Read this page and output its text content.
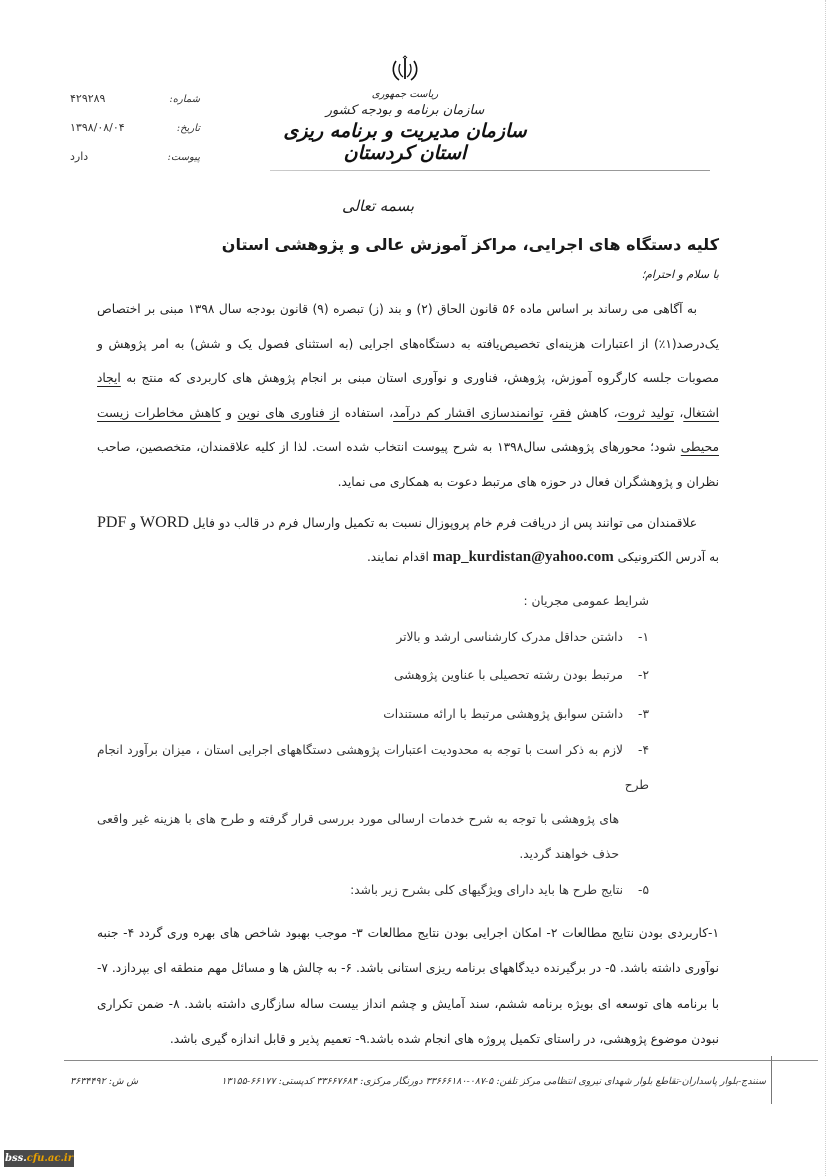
شماره:
۴۲۹۲۸۹
تاریخ:
۱۳۹۸/۰۸/۰۴
پیوست:
دارد
ریاست جمهوری
سازمان برنامه و بودجه کشور
سازمان مدیریت و برنامه ریزی استان کردستان

بسمه تعالی

کلیه دستگاه های اجرایی، مراکز آموزش عالی و پژوهشی استان

با سلام و احترام؛

به آگاهی می رساند بر اساس ماده ۵۶ قانون الحاق (۲) و بند (ز) تبصره (۹) قانون بودجه سال ۱۳۹۸ مبنی بر اختصاص یک‌درصد(۱٪) از اعتبارات هزینه‌ای تخصیص‌یافته به دستگاه‌های اجرایی (به استثنای فصول یک و شش) به امر پژوهش و مصوبات جلسه کارگروه آموزش، پژوهش، فناوری و نوآوری استان مبنی بر انجام پژوهش های کاربردی که منتج به ایجاد اشتغال، تولید ثروت، کاهش فقر، توانمندسازی اقشار کم درآمد، استفاده از فناوری های نوین و کاهش مخاطرات زیست محیطی شود؛ محورهای پژوهشی سال۱۳۹۸ به شرح پیوست انتخاب شده است. لذا از کلیه علاقمندان، متخصصین، صاحب نظران و پژوهشگران فعال در حوزه های مرتبط دعوت به همکاری می نماید.

علاقمندان می توانند پس از دریافت فرم خام پروپوزال نسبت به تکمیل وارسال فرم در قالب دو فایل WORD و PDF به آدرس الکترونیکی map_kurdistan@yahoo.com اقدام نمایند.

شرایط عمومی مجریان :

۱-داشتن حداقل مدرک کارشناسی ارشد و بالاتر
۲-مرتبط بودن رشته تحصیلی با عناوین پژوهشی
۳-داشتن سوابق پژوهشی مرتبط با ارائه مستندات
۴-لازم به ذکر است با توجه به محدودیت اعتبارات پژوهشی دستگاههای اجرایی استان ، میزان برآورد انجام طرح
های پژوهشی با توجه به شرح خدمات ارسالی مورد بررسی قرار گرفته و طرح های با هزینه غیر واقعی حذف خواهند گردید.
۵-نتایج طرح ها باید دارای ویژگیهای کلی بشرح زیر باشد:

۱-کاربردی بودن نتایج مطالعات ۲- امکان اجرایی بودن نتایج مطالعات ۳- موجب بهبود شاخص های بهره وری گردد ۴- جنبه نوآوری داشته باشد. ۵- در برگیرنده دیدگاههای برنامه ریزی استانی باشد. ۶- به چالش ها و مسائل مهم منطقه ای بپردازد. ۷- با برنامه های توسعه ای بویژه برنامه ششم، سند آمایش و چشم انداز بیست ساله سازگاری داشته باشد. ۸- ضمن تکراری نبودن موضوع پژوهشی، در راستای تکمیل پروژه های انجام شده باشد.۹- تعمیم پذیر و قابل اندازه گیری باشد.

سنندج-بلوار پاسداران-تقاطع بلوار شهدای نیروی انتظامی مرکز تلفن: ۵-۰۸۷-۳۳۶۶۶۱۸۰ دورنگار مرکزی: ۳۳۶۶۷۶۸۴ کدپستی: ۶۶۱۷۷-۱۳۱۵۵
ش ش: ۳۶۳۴۴۹۲
bss.cfu.ac.ir
